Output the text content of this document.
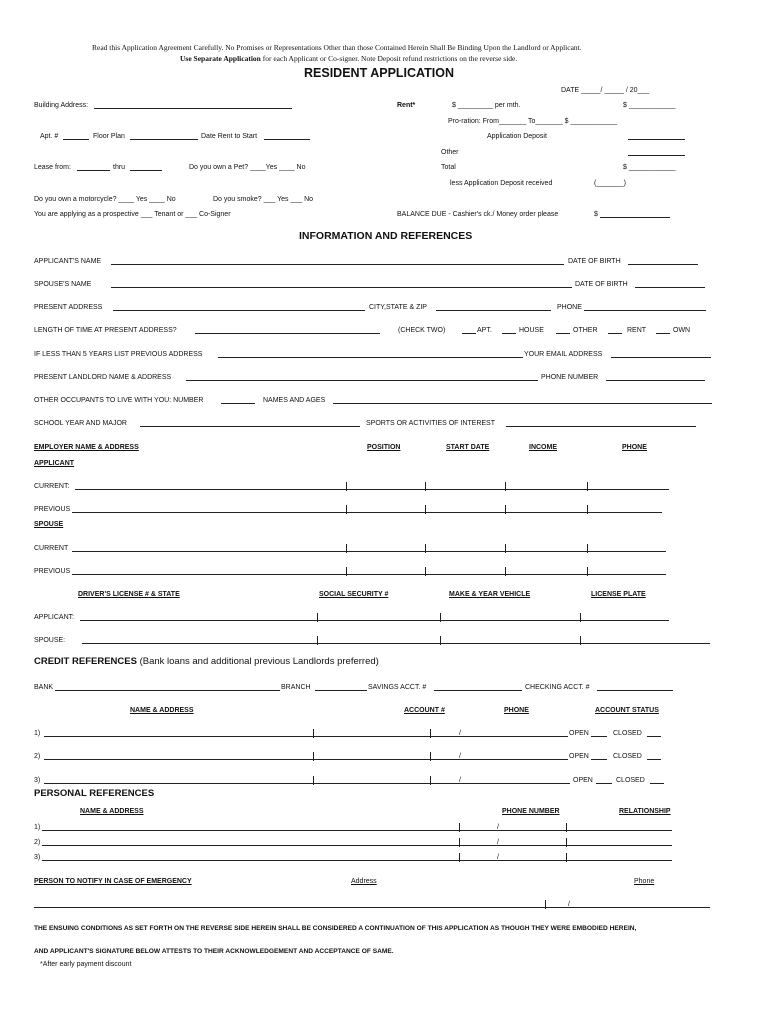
Read this Application Agreement Carefully. No Promises or Representations Other than those Contained Herein Shall Be Binding Upon the Landlord or Applicant.
Use Separate Application for each Applicant or Co-signer. Note Deposit refund restrictions on the reverse side.
RESIDENT APPLICATION
DATE _____/ _____ / 20___
Building Address:
Apt. #	Floor Plan	Date Rent to Start
Lease from:	thru	Do you own a Pet? ____Yes ____ No
Do you own a motorcycle? ____ Yes ____ No	Do you smoke? ___ Yes ___ No
You are applying as a prospective ___ Tenant or ___ Co-Signer
Rent*	$ _________ per mth.	$ ____________
Pro-ration: From_______ To_______ $ ____________
Application Deposit
Other
Total	$ ____________
less Application Deposit received	(_______)
BALANCE DUE - Cashier's ck./ Money order please	$
INFORMATION AND REFERENCES
APPLICANT'S NAME	DATE OF BIRTH
SPOUSE'S NAME	DATE OF BIRTH
PRESENT ADDRESS	CITY,STATE & ZIP	PHONE
LENGTH OF TIME AT PRESENT ADDRESS?	(CHECK TWO)	APT.	HOUSE	OTHER	RENT	OWN
IF LESS THAN 5 YEARS LIST PREVIOUS ADDRESS	YOUR EMAIL ADDRESS
PRESENT LANDLORD NAME & ADDRESS	PHONE NUMBER
OTHER OCCUPANTS TO LIVE WITH YOU: NUMBER	NAMES AND AGES
SCHOOL YEAR AND MAJOR	SPORTS OR ACTIVITIES OF INTEREST
EMPLOYER NAME & ADDRESS	POSITION	START DATE	INCOME	PHONE
APPLICANT
CURRENT:
PREVIOUS
SPOUSE
CURRENT
PREVIOUS
DRIVER'S LICENSE # & STATE	SOCIAL SECURITY #	MAKE & YEAR VEHICLE	LICENSE PLATE
APPLICANT:
SPOUSE:
CREDIT REFERENCES (Bank loans and additional previous Landlords preferred)
BANK	BRANCH	SAVINGS ACCT. #	CHECKING ACCT. #
NAME & ADDRESS	ACCOUNT #	PHONE	ACCOUNT STATUS
1)	/	OPEN	CLOSED
2)	/	OPEN	CLOSED
3)	/	OPEN	CLOSED
PERSONAL REFERENCES
NAME & ADDRESS	PHONE NUMBER	RELATIONSHIP
1)	/
2)	/
3)	/
PERSON TO NOTIFY IN CASE OF EMERGENCY	Address	Phone
/
THE ENSUING CONDITIONS AS SET FORTH ON THE REVERSE SIDE HEREIN SHALL BE CONSIDERED A CONTINUATION OF THIS APPLICATION AS THOUGH THEY WERE EMBODIED HEREIN,
AND APPLICANT'S SIGNATURE BELOW ATTESTS TO THEIR ACKNOWLEDGEMENT AND ACCEPTANCE OF SAME.
*After early payment discount
